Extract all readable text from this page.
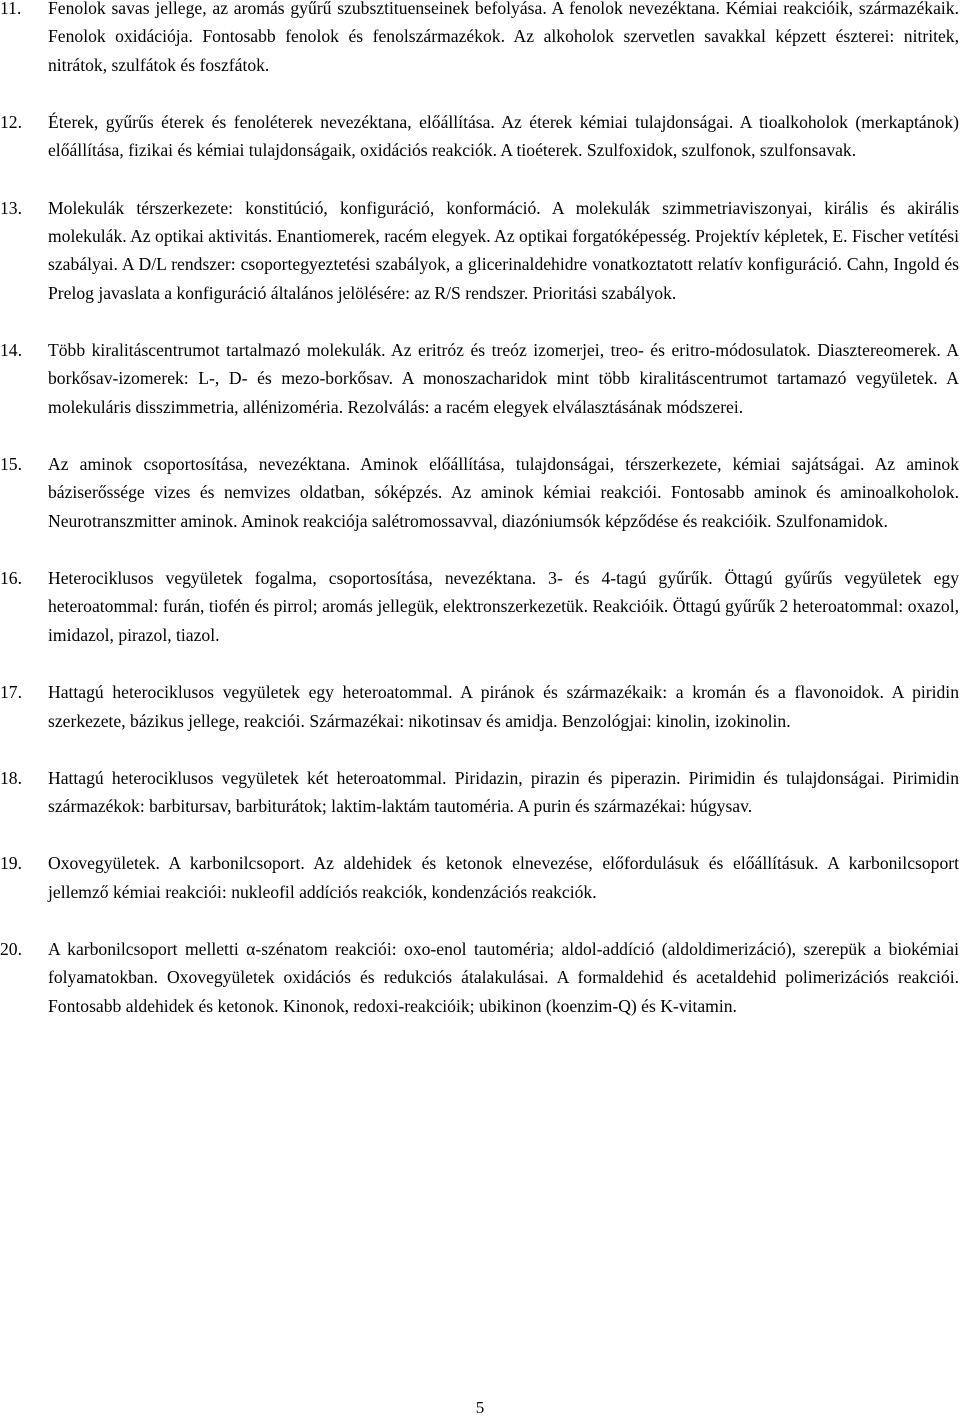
11.	Fenolok savas jellege, az aromás gyűrű szubsztituenseinek befolyása. A fenolok nevezéktana. Kémiai reakcióik, származékaik. Fenolok oxidációja. Fontosabb fenolok és fenolszármazékok. Az alkoholok szervetlen savakkal képzett észterei: nitritek, nitrátok, szulfátok és foszfátok.
12.	Éterek, gyűrűs éterek és fenoléterek nevezéktana, előállítása. Az éterek kémiai tulajdonságai. A tioalkoholok (merkaptánok) előállítása, fizikai és kémiai tulajdonságaik, oxidációs reakciók. A tioéterek. Szulfoxidok, szulfonok, szulfonsavak.
13.	Molekulák térszerkezete: konstitúció, konfiguráció, konformáció. A molekulák szimmetriaviszonyai, királis és akirális molekulák. Az optikai aktivitás. Enantiomerek, racém elegyek. Az optikai forgatóképesség. Projektív képletek, E. Fischer vetítési szabályai. A D/L rendszer: csoportegyeztetési szabályok, a glicerinaldehidre vonatkoztatott relatív konfiguráció. Cahn, Ingold és Prelog javaslata a konfiguráció általános jelölésére: az R/S rendszer. Prioritási szabályok.
14.	Több kiralitáscentrumot tartalmazó molekulák. Az eritróz és treóz izomerjei, treo- és eritro-módosulatok. Diasztereomerek. A borkősav-izomerek: L-, D- és mezo-borkősav. A monoszacharidok mint több kiralitáscentrumot tartamazó vegyületek. A molekuláris disszimmetria, allénizoméria. Rezolválás: a racém elegyek elválasztásának módszerei.
15.	Az aminok csoportosítása, nevezéktana. Aminok előállítása, tulajdonságai, térszerkezete, kémiai sajátságai. Az aminok báziserőssége vizes és nemvizes oldatban, sóképzés. Az aminok kémiai reakciói. Fontosabb aminok és aminoalkoholok. Neurotranszmitter aminok. Aminok reakciója salétromossavval, diazóniumsók képződése és reakcióik. Szulfonamidok.
16.	Heterociklusos vegyületek fogalma, csoportosítása, nevezéktana. 3- és 4-tagú gyűrűk. Öttagú gyűrűs vegyületek egy heteroatommal: furán, tiofén és pirrol; aromás jellegük, elektronszerkezetük. Reakcióik. Öttagú gyűrűk 2 heteroatommal: oxazol, imidazol, pirazol, tiazol.
17.	Hattagú heterociklusos vegyületek egy heteroatommal. A piránok és származékaik: a kromán és a flavonoidok. A piridin szerkezete, bázikus jellege, reakciói. Származékai: nikotinsav és amidja. Benzológjai: kinolin, izokinolin.
18.	Hattagú heterociklusos vegyületek két heteroatommal. Piridazin, pirazin és piperazin. Pirimidin és tulajdonságai. Pirimidin származékok: barbitursav, barbiturátok; laktim-laktám tautoméria. A purin és származékai: húgysav.
19.	Oxovegyületek. A karbonilcsoport. Az aldehidek és ketonok elnevezése, előfordulásuk és előállításuk. A karbonilcsoport jellemző kémiai reakciói: nukleofil addíciós reakciók, kondenzációs reakciók.
20.	A karbonilcsoport melletti α-szénatom reakciói: oxo-enol tautoméria; aldol-addíció (aldoldimerizáció), szerepük a biokémiai folyamatokban. Oxovegyületek oxidációs és redukciós átalakulásai. A formaldehid és acetaldehid polimerizációs reakciói. Fontosabb aldehidek és ketonok. Kinonok, redoxi-reakcióik; ubikinon (koenzim-Q) és K-vitamin.
5
